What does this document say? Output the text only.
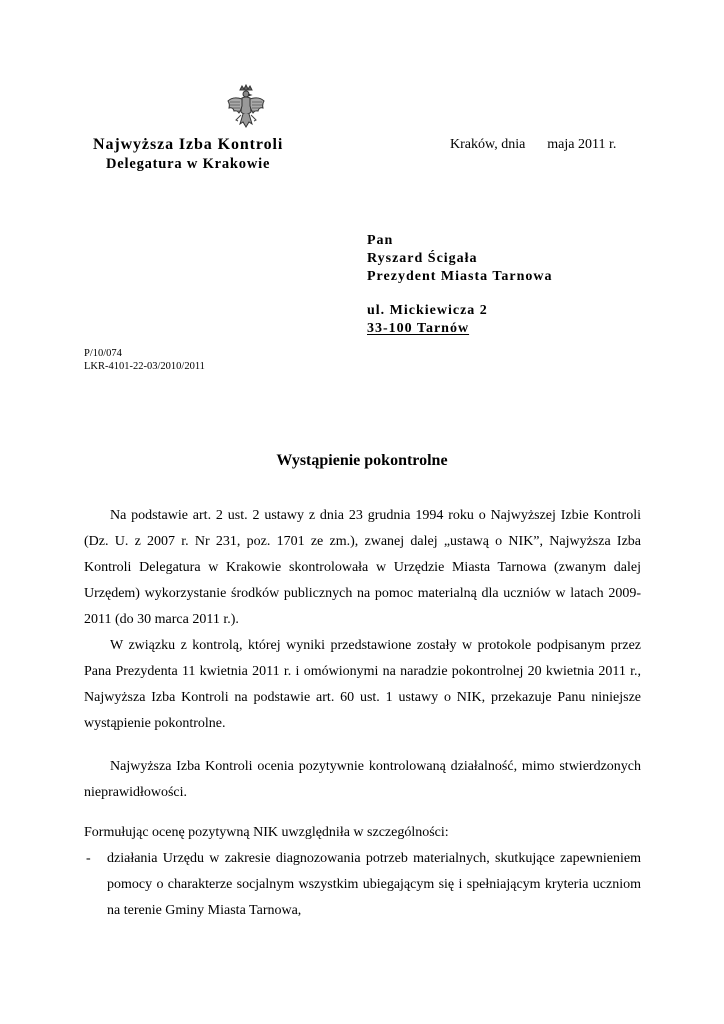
Najwyższa Izba Kontroli
Delegatura w Krakowie
Kraków, dnia maja 2011 r.
Pan
Ryszard Ścigała
Prezydent Miasta Tarnowa
ul. Mickiewicza 2
33-100 Tarnów
P/10/074
LKR-4101-22-03/2010/2011
Wystąpienie pokontrolne

Na podstawie art. 2 ust. 2 ustawy z dnia 23 grudnia 1994 roku o Najwyższej Izbie Kontroli (Dz. U. z 2007 r. Nr 231, poz. 1701 ze zm.), zwanej dalej „ustawą o NIK”, Najwyższa Izba Kontroli Delegatura w Krakowie skontrolowała w Urzędzie Miasta Tarnowa (zwanym dalej Urzędem) wykorzystanie środków publicznych na pomoc materialną dla uczniów w latach 2009-2011 (do 30 marca 2011 r.).

W związku z kontrolą, której wyniki przedstawione zostały w protokole podpisanym przez Pana Prezydenta 11 kwietnia 2011 r. i omówionymi na naradzie pokontrolnej 20 kwietnia 2011 r., Najwyższa Izba Kontroli na podstawie art. 60 ust. 1 ustawy o NIK, przekazuje Panu niniejsze wystąpienie pokontrolne.

Najwyższa Izba Kontroli ocenia pozytywnie kontrolowaną działalność, mimo stwierdzonych nieprawidłowości.

Formułując ocenę pozytywną NIK uwzględniła w szczególności:

- działania Urzędu w zakresie diagnozowania potrzeb materialnych, skutkujące zapewnieniem pomocy o charakterze socjalnym wszystkim ubiegającym się i spełniającym kryteria uczniom na terenie Gminy Miasta Tarnowa,
